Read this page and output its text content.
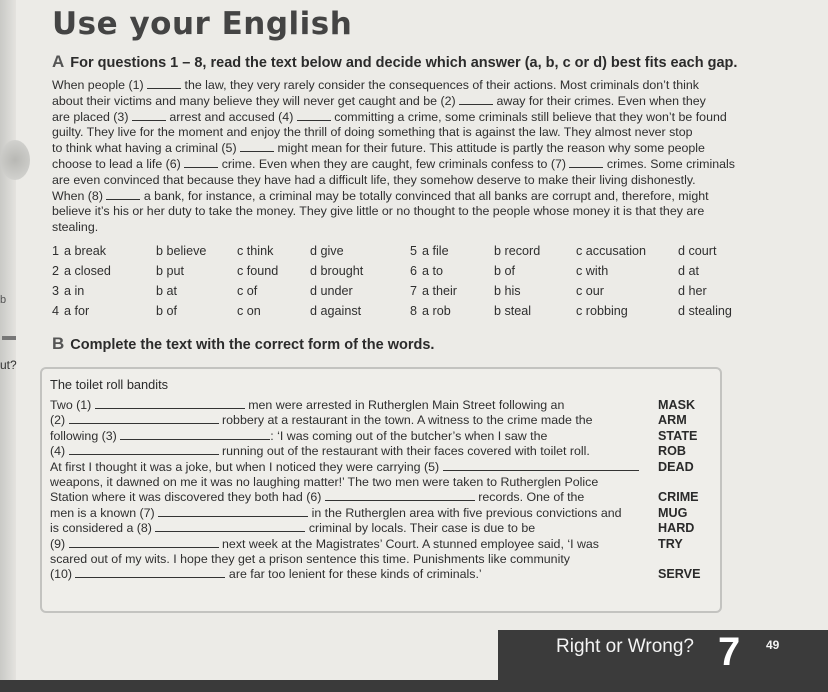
b
ut?
Use your English
A For questions 1 – 8, read the text below and decide which answer (a, b, c or d) best fits each gap.
When people (1)	the law, they very rarely consider the consequences of their actions. Most criminals don’t think
about their victims and many believe they will never get caught and be (2)	away for their crimes. Even when they
are placed (3)	arrest and accused (4)	committing a crime, some criminals still believe that they won’t be found
guilty. They live for the moment and enjoy the thrill of doing something that is against the law. They almost never stop
to think what having a criminal (5)	might mean for their future. This attitude is partly the reason why some people
choose to lead a life (6)	crime. Even when they are caught, few criminals confess to (7)	crimes. Some criminals
are even convinced that because they have had a difficult life, they somehow deserve to make their living dishonestly.
When (8)	a bank, for instance, a criminal may be totally convinced that all banks are corrupt and, therefore, might
believe it’s his or her duty to take the money. They give little or no thought to the people whose money it is that they are
stealing.
1 a break	b believe c think	d give	5 a file	b record	c accusation	d court
2 a closed	b put	c found	d brought	6 a to	b of	c with	d at
3 a in	b at	c of	d under	7 a their	b his	c our	d her
4 a for	b of	c on	d against	8 a rob	b steal	c robbing	d stealing
B Complete the text with the correct form of the words.
The toilet roll bandits
Two (1)	men were arrested in Rutherglen Main Street following an
(2)	robbery at a restaurant in the town. A witness to the crime made the
following (3)	: ‘I was coming out of the butcher’s when I saw the
(4)	running out of the restaurant with their faces covered with toilet roll.
At first I thought it was a joke, but when I noticed they were carrying (5)
weapons, it dawned on me it was no laughing matter!’ The two men were taken to Rutherglen Police
Station where it was discovered they both had (6)	records. One of the
men is a known (7)	in the Rutherglen area with five previous convictions and
is considered a (8)	criminal by locals. Their case is due to be
(9)	next week at the Magistrates’ Court. A stunned employee said, ‘I was
scared out of my wits. I hope they get a prison sentence this time. Punishments like community
(10)	are far too lenient for these kinds of criminals.’
MASK
ARM
STATE
ROB
DEAD
CRIME
MUG
HARD
TRY
SERVE
Right or Wrong? 7 49
